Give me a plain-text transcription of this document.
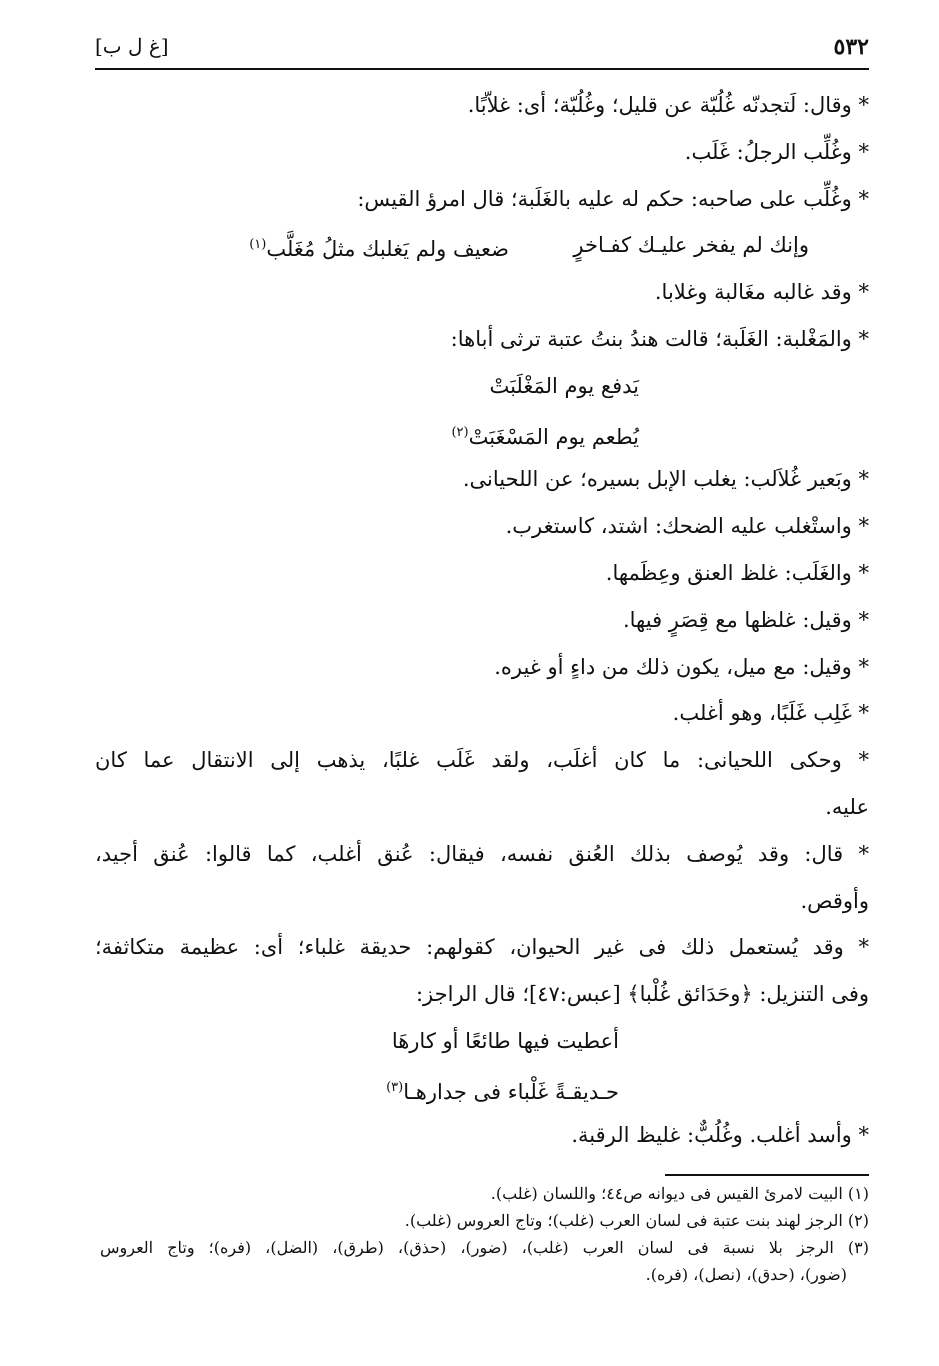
٥٣٢
[غ ل ب]
* وقال: لَتجدنّه غُلُبّة عن قليل؛ وغُلُبّة؛ أى: غلاّبًا.
* وغُلِّب الرجلُ: غَلَب.
* وغُلِّب على صاحبه: حكم له عليه بالغَلَبة؛ قال امرؤ القيس:
وإنك لم يفخر عليـك كفـاخرٍ
ضعيف ولم يَغلبك مثلُ مُغَلَّب$^{(١)}$
* وقد غالبه مغَالبة وغلابا.
* والمَغْلبة: الغَلَبة؛ قالت هندُ بنتُ عتبة ترثى أباها:
يَدفع يوم المَغْلَبَتْ
يُطعم يوم المَسْغَبَتْ$^{(٢)}$
* وبَعير غُلاَلب: يغلب الإبل بسيره؛ عن اللحيانى.
* واستْغلب عليه الضحك: اشتد، كاستغرب.
* والغَلَب: غلظ العنق وعِظَمها.
* وقيل: غلظها مع قِصَرٍ فيها.
* وقيل: مع ميل، يكون ذلك من داءٍ أو غيره.
* غَلِب غَلَبًا، وهو أغلب.
* وحكى اللحيانى: ما كان أغلَب، ولقد غَلَب غلبًا، يذهب إلى الانتقال عما كان
عليه.
* قال: وقد يُوصف بذلك العُنق نفسه، فيقال: عُنق أغلب، كما قالوا: عُنق أجيد،
وأوقص.
* وقد يُستعمل ذلك فى غير الحيوان، كقولهم: حديقة غلباء؛ أى: عظيمة متكاثفة؛
وفى التنزيل: ﴿وحَدَائق غُلْبا﴾ [عبس:٤٧]؛ قال الراجز:
أعطيت فيها طائعًا أو كارهَا
حـديقـةً غَلْباء فى جدارهـا$^{(٣)}$
* وأسد أغلب. وغُلُبٌّ: غليظ الرقبة.
(١) البيت لامرئ القيس فى ديوانه ص٤٤؛ واللسان (غلب).
(٢) الرجز لهند بنت عتبة فى لسان العرب (غلب)؛ وتاج العروس (غلب).
(٣) الرجز بلا نسبة فى لسان العرب (غلب)، (ضور)، (حذق)، (طرق)، (الضل)، (فره)؛ وتاج العروس
(ضور)، (حدق)، (نصل)، (فره).
